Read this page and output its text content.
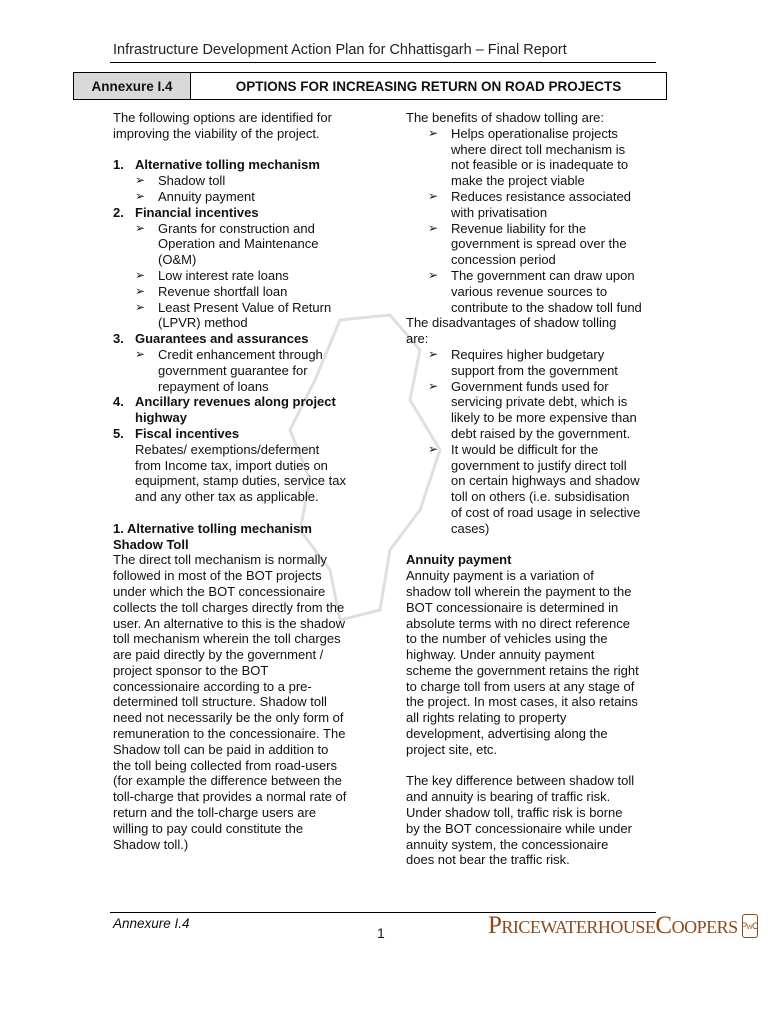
Infrastructure Development Action Plan for Chhattisgarh – Final Report
Annexure I.4	OPTIONS FOR INCREASING RETURN ON ROAD PROJECTS

The following options are identified for

improving the viability of the project.

1. Alternative tolling mechanism
➢ Shadow toll
➢ Annuity payment
2. Financial incentives
➢ Grants for construction and
Operation and Maintenance
(O&M)
➢ Low interest rate loans
➢ Revenue shortfall loan
➢ Least Present Value of Return
(LPVR) method
3. Guarantees and assurances
➢ Credit enhancement through
government guarantee for
repayment of loans
4. Ancillary revenues along project
highway
5. Fiscal incentives

Rebates/ exemptions/deferment

from Income tax, import duties on

equipment, stamp duties, service tax

and any other tax as applicable.

1. Alternative tolling mechanism

Shadow Toll

The direct toll mechanism is normally

followed in most of the BOT projects

under which the BOT concessionaire

collects the toll charges directly from the

user. An alternative to this is the shadow

toll mechanism wherein the toll charges

are paid directly by the government /

project sponsor to the BOT

concessionaire according to a pre-

determined toll structure. Shadow toll

need not necessarily be the only form of

remuneration to the concessionaire. The

Shadow toll can be paid in addition to

the toll being collected from road-users

(for example the difference between the

toll-charge that provides a normal rate of

return and the toll-charge users are

willing to pay could constitute the

Shadow toll.)

The benefits of shadow tolling are:

➢ Helps operationalise projects
where direct toll mechanism is
not feasible or is inadequate to
make the project viable
➢ Reduces resistance associated
with privatisation
➢ Revenue liability for the
government is spread over the
concession period
➢ The government can draw upon
various revenue sources to
contribute to the shadow toll fund

The disadvantages of shadow tolling

are:

➢ Requires higher budgetary
support from the government
➢ Government funds used for
servicing private debt, which is
likely to be more expensive than
debt raised by the government.
➢ It would be difficult for the
government to justify direct toll
on certain highways and shadow
toll on others (i.e. subsidisation
of cost of road usage in selective
cases)

Annuity payment

Annuity payment is a variation of

shadow toll wherein the payment to the

BOT concessionaire is determined in

absolute terms with no direct reference

to the number of vehicles using the

highway. Under annuity payment

scheme the government retains the right

to charge toll from users at any stage of

the project. In most cases, it also retains

all rights relating to property

development, advertising along the

project site, etc.

The key difference between shadow toll

and annuity is bearing of traffic risk.

Under shadow toll, traffic risk is borne

by the BOT concessionaire while under

annuity system, the concessionaire

does not bear the traffic risk.

Annexure I.4
1	PricewaterhouseCoopers PwC
